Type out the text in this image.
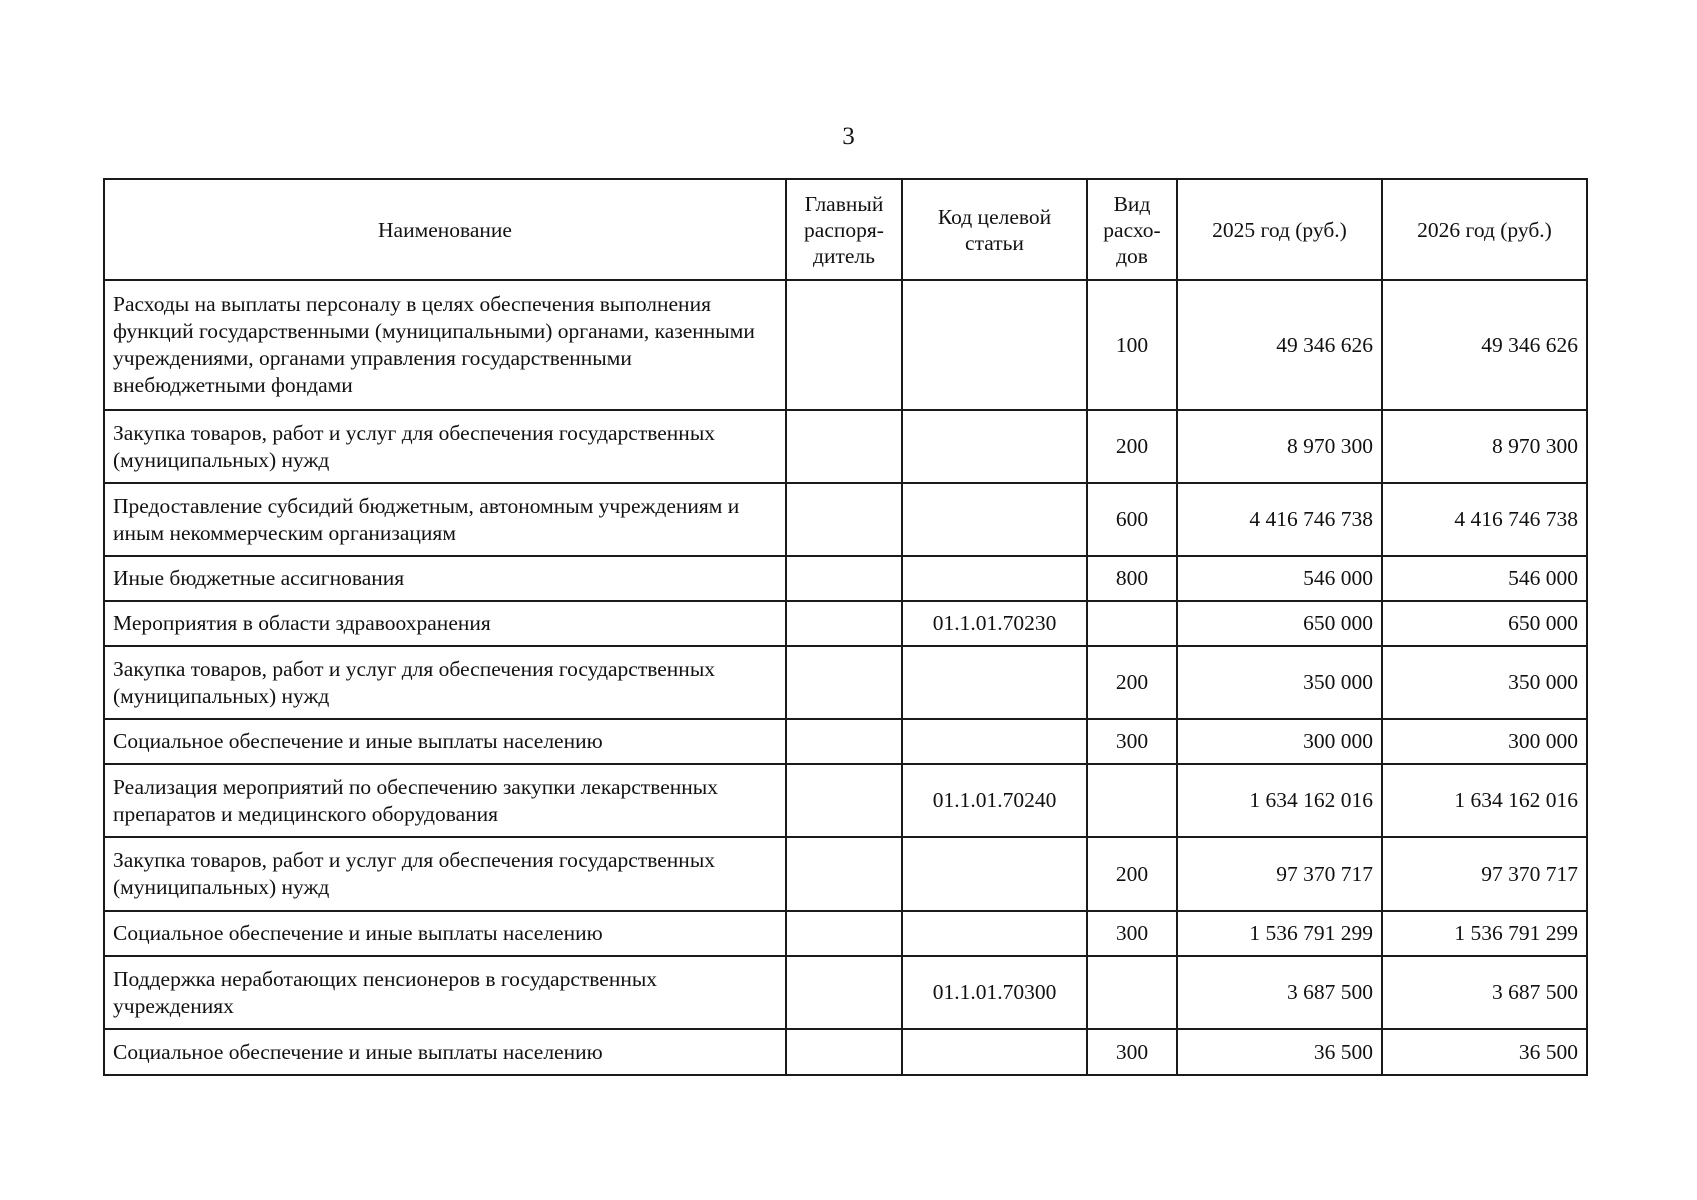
3
Наименование	Главный распоря-дитель	Код целевой статьи	Вид расхо-дов	2025 год (руб.)	2026 год (руб.)
Расходы на выплаты персоналу в целях обеспечения выполнения функций государственными (муниципальными) органами, казенными учреждениями, органами управления государственными внебюджетными фондами			100	49 346 626	49 346 626
Закупка товаров, работ и услуг для обеспечения государственных (муниципальных) нужд			200	8 970 300	8 970 300
Предоставление субсидий бюджетным, автономным учреждениям и иным некоммерческим организациям			600	4 416 746 738	4 416 746 738
Иные бюджетные ассигнования			800	546 000	546 000
Мероприятия в области здравоохранения		01.1.01.70230		650 000	650 000
Закупка товаров, работ и услуг для обеспечения государственных (муниципальных) нужд			200	350 000	350 000
Социальное обеспечение и иные выплаты населению			300	300 000	300 000
Реализация мероприятий по обеспечению закупки лекарственных препаратов и медицинского оборудования		01.1.01.70240		1 634 162 016	1 634 162 016
Закупка товаров, работ и услуг для обеспечения государственных (муниципальных) нужд			200	97 370 717	97 370 717
Социальное обеспечение и иные выплаты населению			300	1 536 791 299	1 536 791 299
Поддержка неработающих пенсионеров в государственных учреждениях		01.1.01.70300		3 687 500	3 687 500
Социальное обеспечение и иные выплаты населению			300	36 500	36 500
